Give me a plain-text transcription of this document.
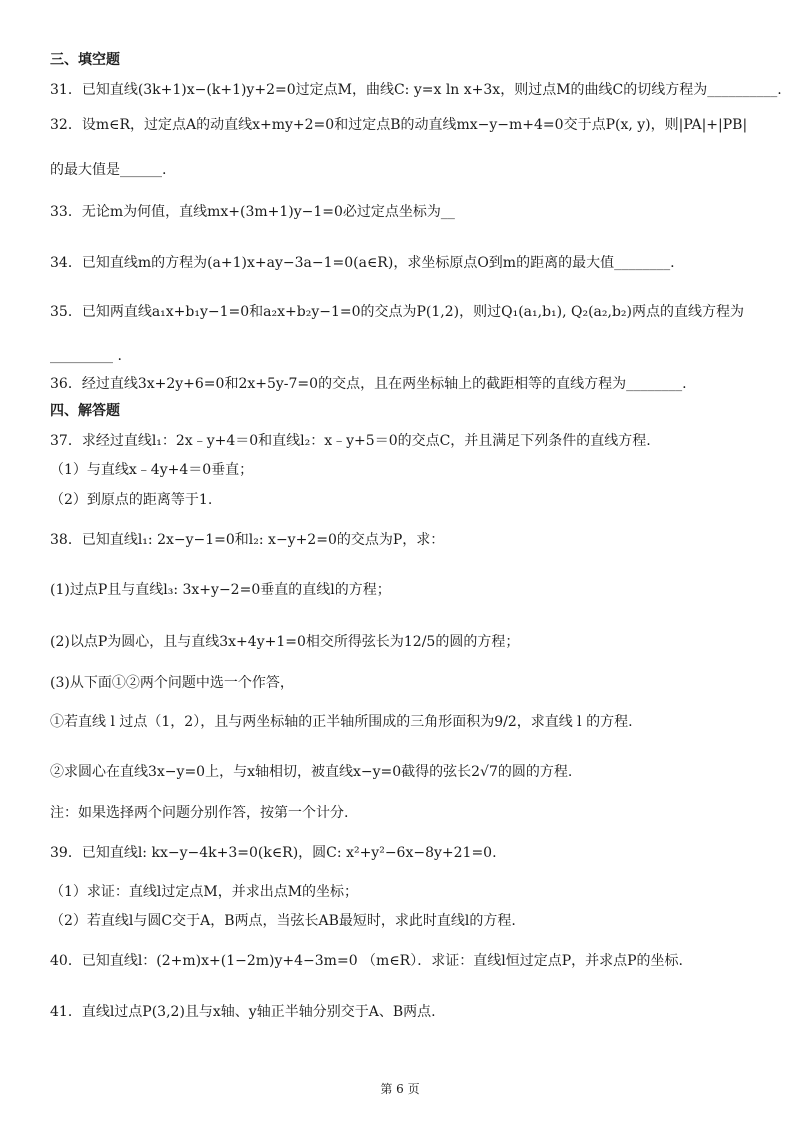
三、填空题
31．已知直线(3k+1)x−(k+1)y+2=0过定点M，曲线C: y=x ln x+3x，则过点M的曲线C的切线方程为__________.
32．设m∈R，过定点A的动直线x+my+2=0和过定点B的动直线mx−y−m+4=0交于点P(x, y)，则|PA|+|PB|
的最大值是______.
33．无论m为何值，直线mx+(3m+1)y−1=0必过定点坐标为__
34．已知直线m的方程为(a+1)x+ay−3a−1=0(a∈R)，求坐标原点O到m的距离的最大值________.
35．已知两直线a₁x+b₁y−1=0和a₂x+b₂y−1=0的交点为P(1,2)，则过Q₁(a₁,b₁), Q₂(a₂,b₂)两点的直线方程为
_________ .
36．经过直线3x+2y+6=0和2x+5y-7=0的交点，且在两坐标轴上的截距相等的直线方程为________.
四、解答题
37．求经过直线l₁：2x﹣y+4＝0和直线l₂：x﹣y+5＝0的交点C，并且满足下列条件的直线方程.
（1）与直线x﹣4y+4＝0垂直；
（2）到原点的距离等于1.
38．已知直线l₁: 2x−y−1=0和l₂: x−y+2=0的交点为P，求：
(1)过点P且与直线l₃: 3x+y−2=0垂直的直线l的方程；
(2)以点P为圆心，且与直线3x+4y+1=0相交所得弦长为12/5的圆的方程；
(3)从下面①②两个问题中选一个作答，
①若直线 l 过点（1，2），且与两坐标轴的正半轴所围成的三角形面积为9/2，求直线 l 的方程.
②求圆心在直线3x−y=0上，与x轴相切，被直线x−y=0截得的弦长2√7的圆的方程.
注：如果选择两个问题分别作答，按第一个计分.
39．已知直线l: kx−y−4k+3=0(k∈R)，圆C: x²+y²−6x−8y+21=0.
（1）求证：直线l过定点M，并求出点M的坐标；
（2）若直线l与圆C交于A，B两点，当弦长AB最短时，求此时直线l的方程.
40．已知直线l：(2+m)x+(1−2m)y+4−3m=0 （m∈R）．求证：直线l恒过定点P，并求点P的坐标.
41．直线l过点P(3,2)且与x轴、y轴正半轴分别交于A、B两点.
第 6 页
